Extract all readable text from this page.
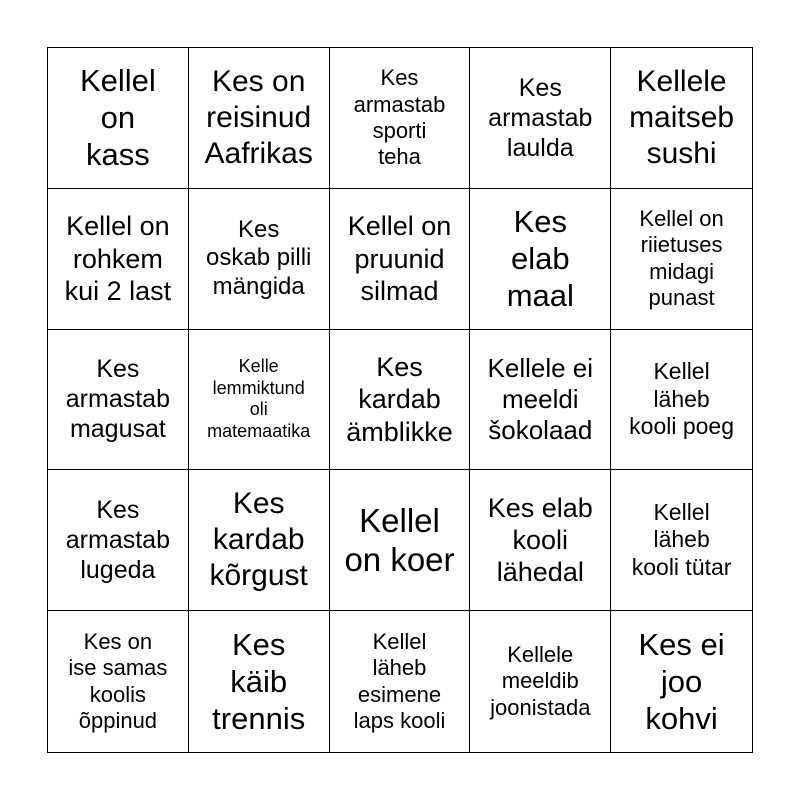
Kellel
on
kass
Kes on
reisinud
Aafrikas
Kes
armastab
sporti
teha
Kes
armastab
laulda
Kellele
maitseb
sushi
Kellel on
rohkem
kui 2 last
Kes
oskab pilli
mängida
Kellel on
pruunid
silmad
Kes
elab
maal
Kellel on
riietuses
midagi
punast
Kes
armastab
magusat
Kelle
lemmiktund
oli
matemaatika
Kes
kardab
ämblikke
Kellele ei
meeldi
šokolaad
Kellel
läheb
kooli poeg
Kes
armastab
lugeda
Kes
kardab
kõrgust
Kellel
on koer
Kes elab
kooli
lähedal
Kellel
läheb
kooli tütar
Kes on
ise samas
koolis
õppinud
Kes
käib
trennis
Kellel
läheb
esimene
laps kooli
Kellele
meeldib
joonistada
Kes ei
joo
kohvi
